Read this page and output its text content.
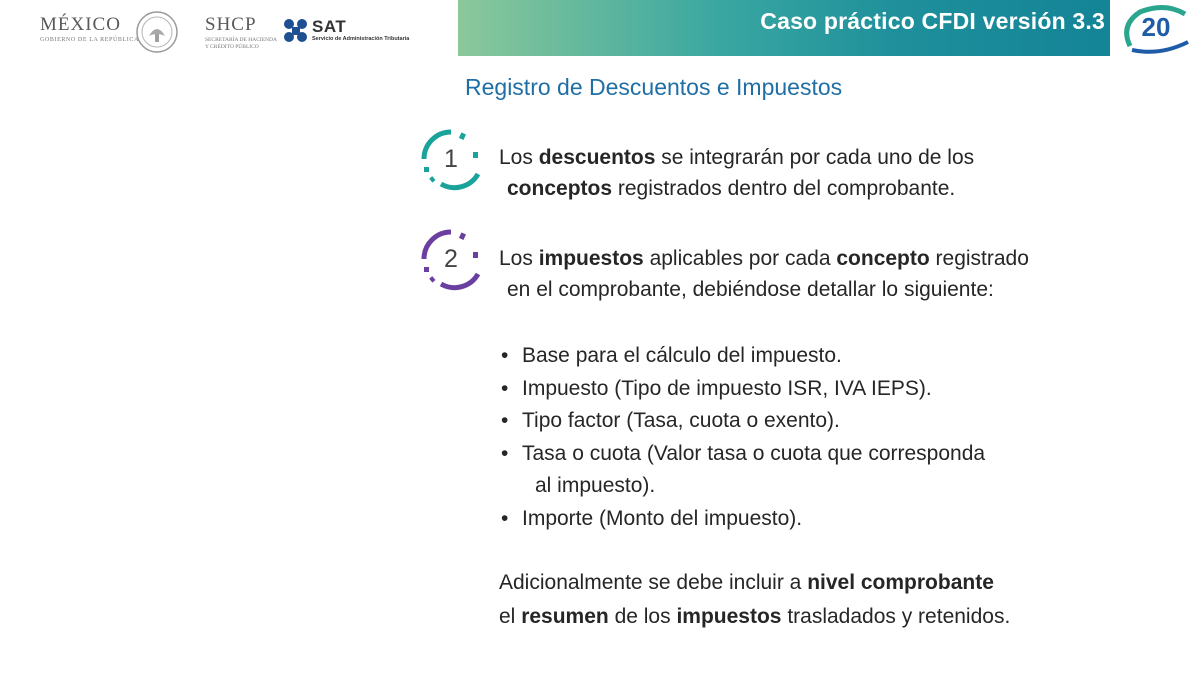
MÉXICO
GOBIERNO DE LA REPÚBLICA
SHCP
SECRETARÍA DE HACIENDA
Y CRÉDITO PÚBLICO
SAT
Servicio de Administración Tributaria
Caso práctico CFDI versión 3.3 20
Registro de Descuentos e Impuestos
1	Los descuentos se integrarán por cada uno de los
conceptos registrados dentro del comprobante.
2	Los impuestos aplicables por cada concepto registrado
en el comprobante, debiéndose detallar lo siguiente:
• Base para el cálculo del impuesto.
• Impuesto (Tipo de impuesto ISR, IVA IEPS).
• Tipo factor (Tasa, cuota o exento).
• Tasa o cuota (Valor tasa o cuota que corresponda
al impuesto).
• Importe (Monto del impuesto).
Adicionalmente se debe incluir a nivel comprobante
el resumen de los impuestos trasladados y retenidos.
